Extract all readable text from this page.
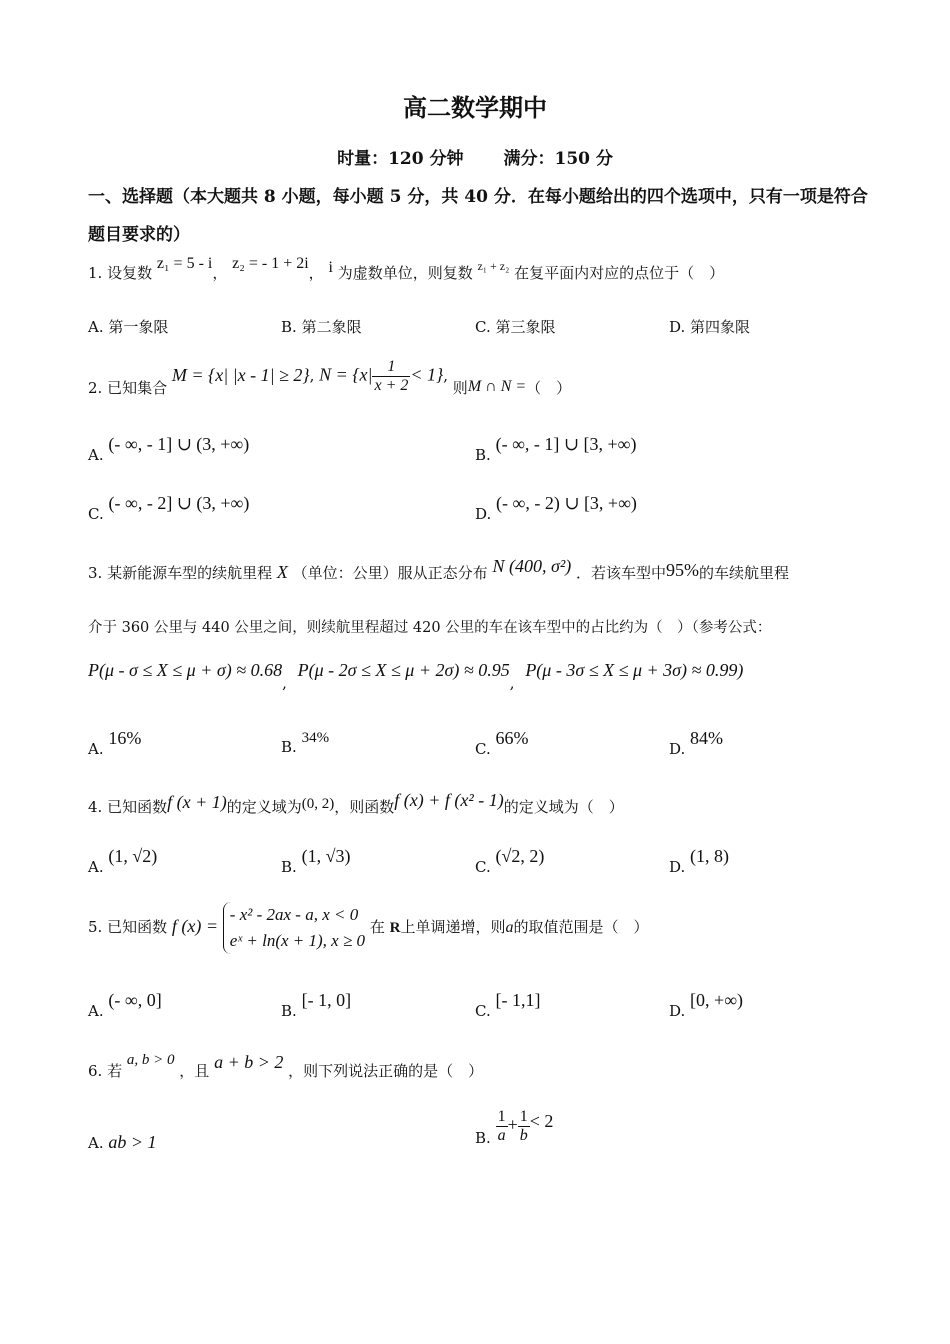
高二数学期中
时量：120 分钟 满分：150 分
一、选择题（本大题共 8 小题，每小题 5 分，共 40 分．在每小题给出的四个选项中，只有一项是符合题目要求的）
1. 设复数 z₁ = 5 - i， z₂ = - 1 + 2i， i 为虚数单位，则复数 $^{z_1 + z_2}$ 在复平面内对应的点位于（　）
A. 第一象限	B. 第二象限	C. 第三象限	D. 第四象限
2. 已知集合 M = {x| |x - 1| ≥ 2}, $N = \{x| \frac{1}{x + 2} < 1\}$, 则M ∩ N =（　）
A. (- ∞, - 1] ∪ (3, +∞)
B. (- ∞, - 1] ∪ [3, +∞)
C. (- ∞, - 2] ∪ (3, +∞)
D. (- ∞, - 2) ∪ [3, +∞)
3. 某新能源车型的续航里程 X （单位：公里）服从正态分布 N (400, σ²) ．若该车型中95%的车续航里程
介于 360 公里与 440 公里之间，则续航里程超过 420 公里的车在该车型中的占比约为（　）（参考公式：
P(μ - σ ≤ X ≤ μ + σ) ≈ 0.68, P(μ - 2σ ≤ X ≤ μ + 2σ) ≈ 0.95, P(μ - 3σ ≤ X ≤ μ + 3σ) ≈ 0.99)
A. 16%	B. 34%
C. 66%
D. 84%
4. 已知函数f (x + 1)的定义域为(0, 2)，则函数f (x) + f (x² - 1)的定义域为（　）
A. (1, √2)
B. (1, √3)
C. (√2, 2)
D. (1, 8)
5. 已知函数 f (x) =
- x² - 2ax - a, x < 0
eˣ + ln(x + 1), x ≥ 0
在 R上单调递增，则a的取值范围是（　）
A. (- ∞, 0]
B. [- 1, 0]
C. [- 1,1]
D. [0, +∞)
6. 若 a, b > 0 ，且 a + b > 2 ，则下列说法正确的是（　）
A. ab > 1	B. $\frac{1}{a} + \frac{1}{b} < 2$
